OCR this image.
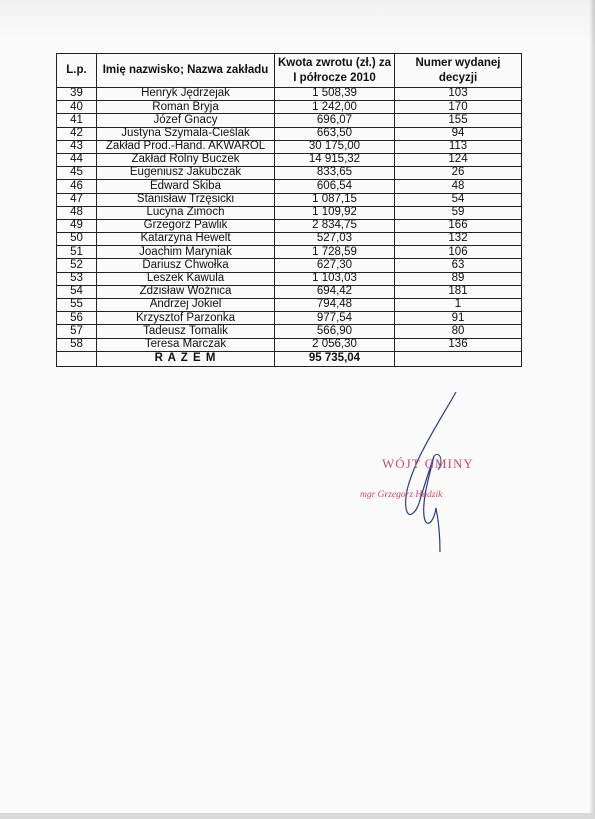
L.p.	Imię nazwisko; Nazwa zakładu	Kwota zwrotu (zł.) za I półrocze 2010	Numer wydanej decyzji
39	Henryk Jędrzejak	1 508,39	103
40	Roman Bryja	1 242,00	170
41	Józef Gnacy	696,07	155
42	Justyna Szymala-Cieślak	663,50	94
43	Zakład Prod.-Hand. AKWAROL	30 175,00	113
44	Zakład Rolny Buczek	14 915,32	124
45	Eugeniusz Jakubczak	833,65	26
46	Edward Skiba	606,54	48
47	Stanisław Trzęsicki	1 087,15	54
48	Lucyna Zimoch	1 109,92	59
49	Grzegorz Pawlik	2 834,75	166
50	Katarzyna Hewelt	527,03	132
51	Joachim Maryniak	1 728,59	106
52	Dariusz Chwołka	627,30	63
53	Leszek Kawula	1 103,03	89
54	Zdzisław Woźnica	694,42	181
55	Andrzej Jokiel	794,48	1
56	Krzysztof Parzonka	977,54	91
57	Tadeusz Tomalik	566,90	80
58	Teresa Marczak	2 056,30	136
	R A Z E M	95 735,04	
WÓJT GMINY
mgr Grzegorz Hadzik
